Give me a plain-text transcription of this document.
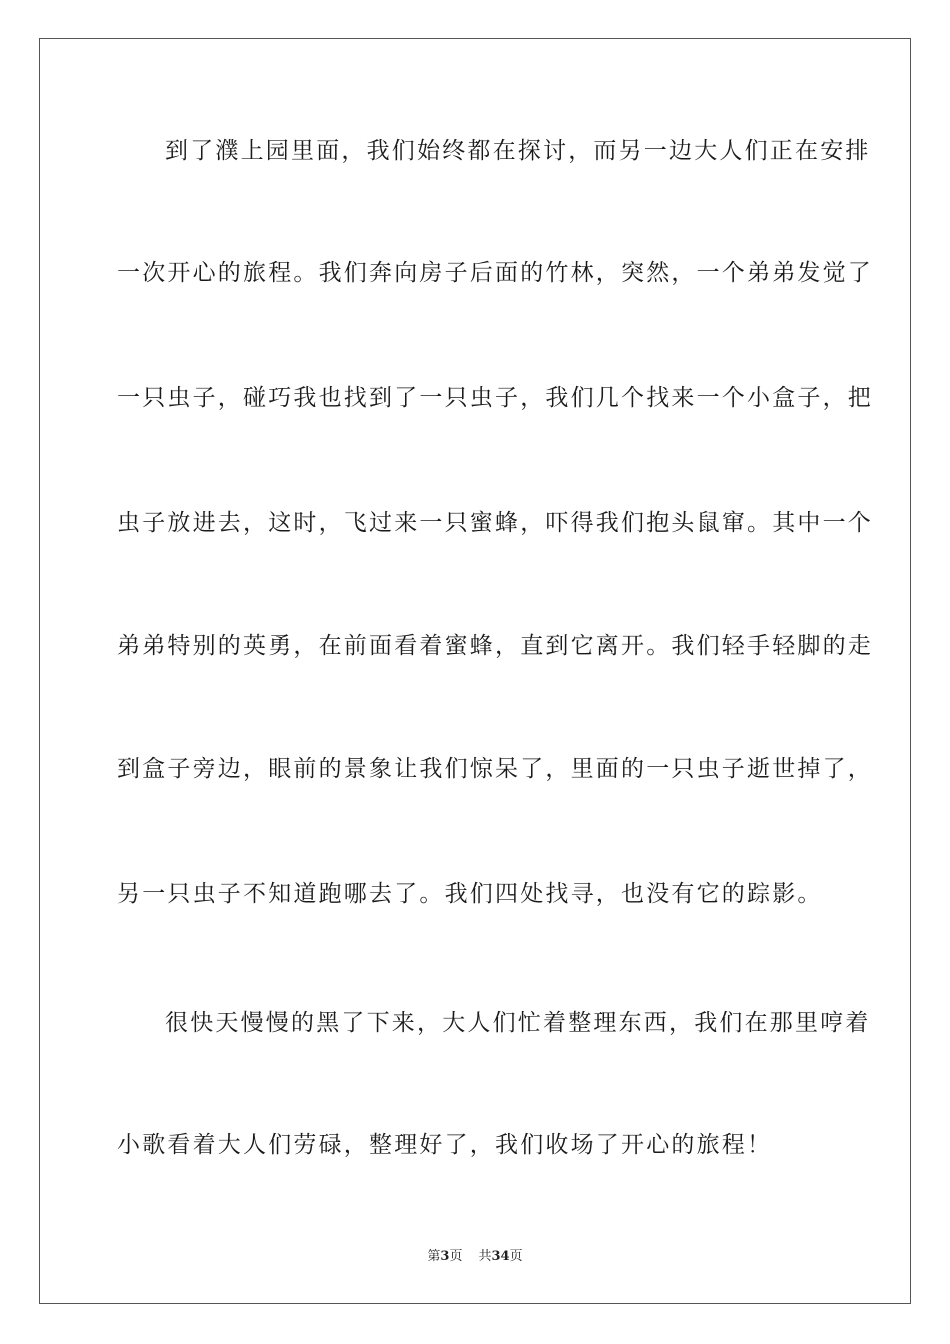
到了濮上园里面，我们始终都在探讨，而另一边大人们正在安排
一次开心的旅程。我们奔向房子后面的竹林，突然，一个弟弟发觉了
一只虫子，碰巧我也找到了一只虫子，我们几个找来一个小盒子，把
虫子放进去，这时，飞过来一只蜜蜂，吓得我们抱头鼠窜。其中一个
弟弟特别的英勇，在前面看着蜜蜂，直到它离开。我们轻手轻脚的走
到盒子旁边，眼前的景象让我们惊呆了，里面的一只虫子逝世掉了，
另一只虫子不知道跑哪去了。我们四处找寻，也没有它的踪影。
很快天慢慢的黑了下来，大人们忙着整理东西，我们在那里哼着
小歌看着大人们劳碌，整理好了，我们收场了开心的旅程！
第3页 共34页
